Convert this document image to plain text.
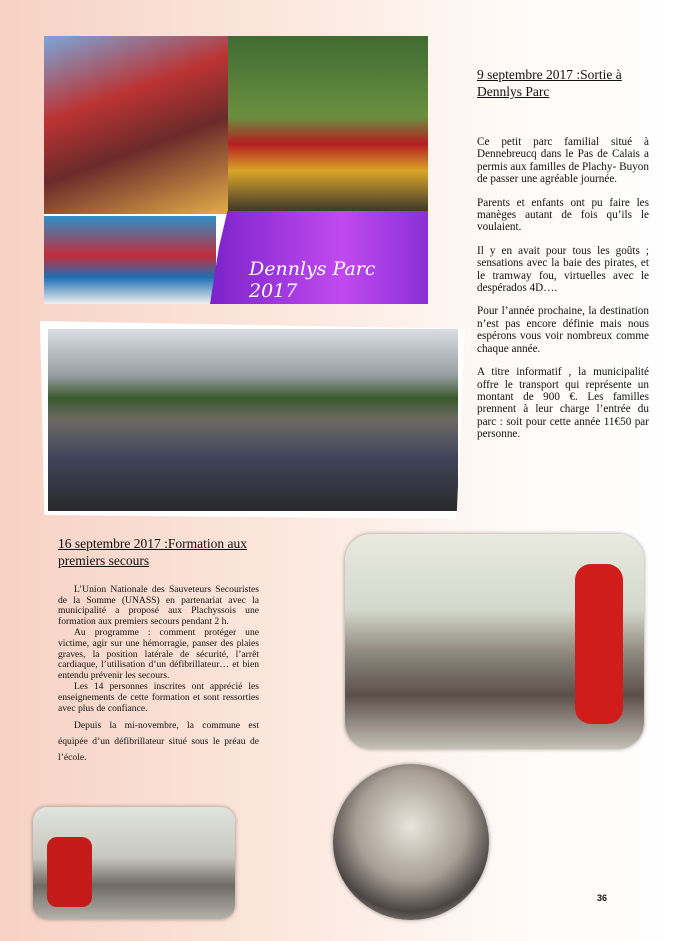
Dennlys Parc 2017
9 septembre 2017 :Sortie à Dennlys Parc

Ce petit parc familial situé à Dennebreucq dans le Pas de Calais a permis aux familles de Plachy- Buyon de passer une agréable journée.

Parents et enfants ont pu faire les manèges autant de fois qu’ils le voulaient.

Il y en avait pour tous les goûts ; sensations avec la baie des pirates, et le tramway fou, virtuelles avec le despérados 4D….

Pour l’année prochaine, la destination n’est pas encore définie mais nous espérons vous voir nombreux comme chaque année.

A titre informatif , la municipalité offre le transport qui représente un montant de 900 €. Les familles prennent à leur charge l’entrée du parc : soit pour cette année 11€50 par personne.

16 septembre 2017 :Formation aux premiers secours

L’Union Nationale des Sauveteurs Secouristes de la Somme (UNASS) en partenariat avec la municipalité a proposé aux Plachyssois une formation aux premiers secours pendant 2 h.

Au programme : comment protéger une victime, agir sur une hémorragie, panser des plaies graves, la position latérale de sécurité, l’arrêt cardiaque, l’utilisation d’un défibrillateur… et bien entendu prévenir les secours.

Les 14 personnes inscrites ont apprécié les enseignements de cette formation et sont ressorties avec plus de confiance.

Depuis la mi-novembre, la commune est équipée d’un défibrillateur situé sous le préau de l’école.

36
